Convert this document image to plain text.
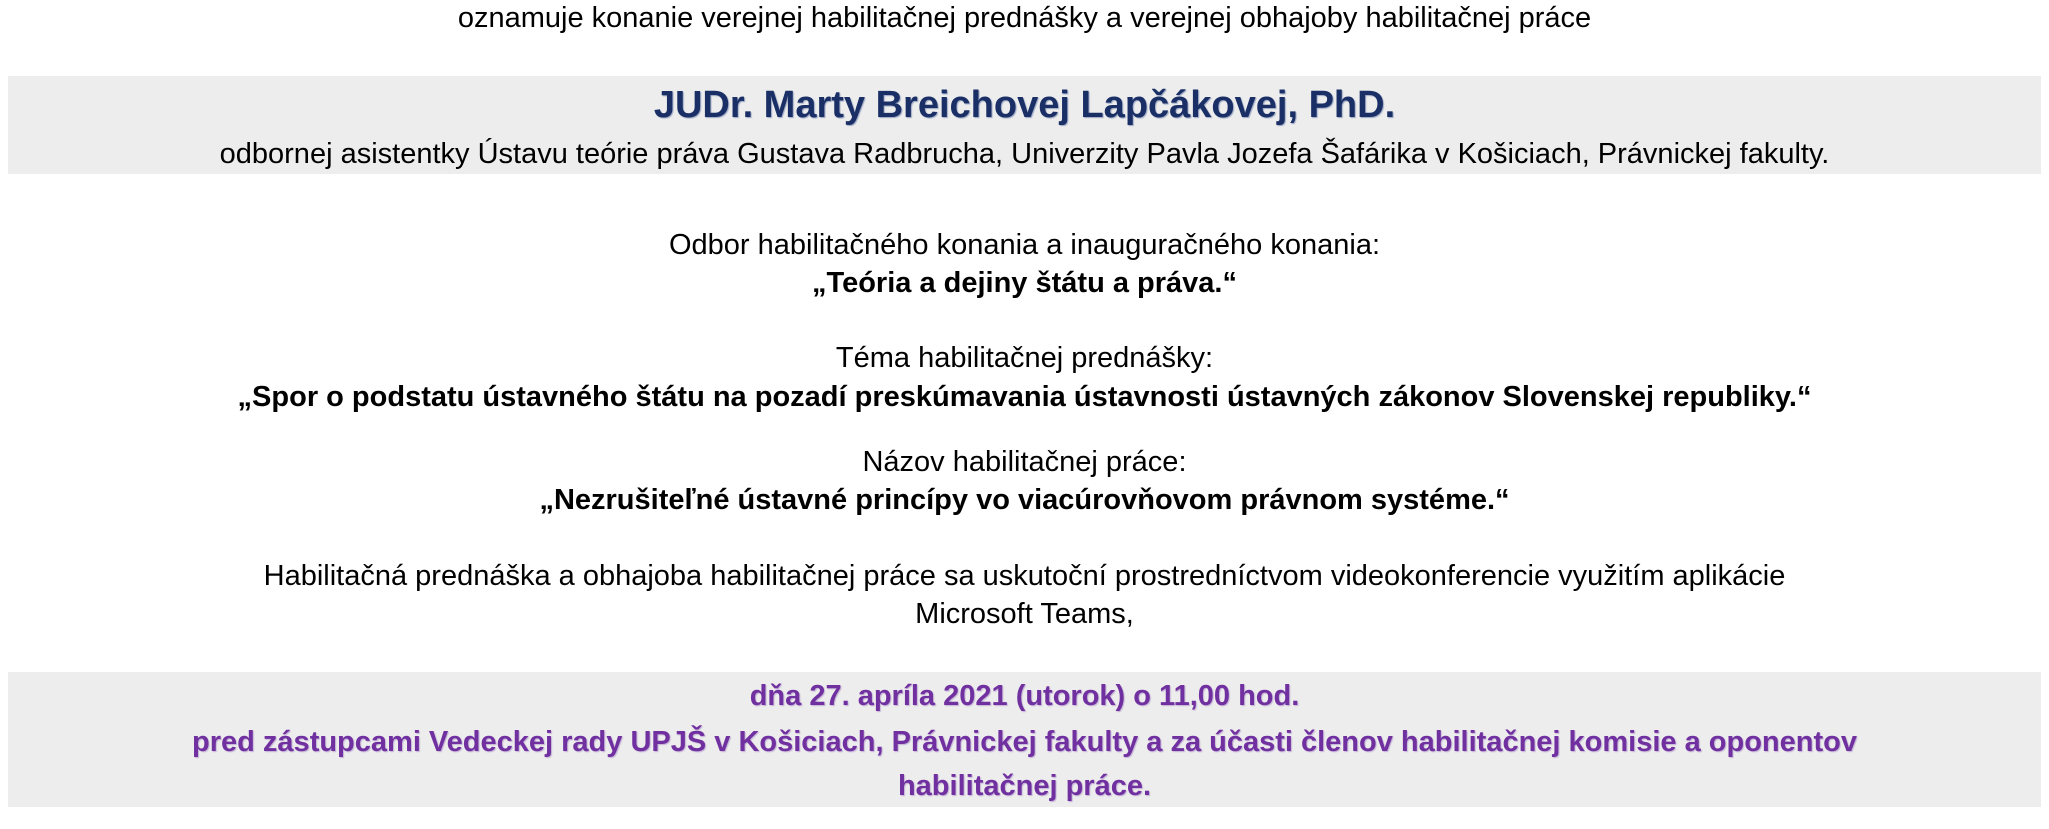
oznamuje konanie verejnej habilitačnej prednášky a verejnej obhajoby habilitačnej práce
JUDr. Marty Breichovej Lapčákovej, PhD.
odbornej asistentky Ústavu teórie práva Gustava Radbrucha, Univerzity Pavla Jozefa Šafárika v Košiciach, Právnickej fakulty.
Odbor habilitačného konania a inauguračného konania:
„Teória a dejiny štátu a práva.“
Téma habilitačnej prednášky:
„Spor o podstatu ústavného štátu na pozadí preskúmavania ústavnosti ústavných zákonov Slovenskej republiky.“
Názov habilitačnej práce:
„Nezrušiteľné ústavné princípy vo viacúrovňovom právnom systéme.“
Habilitačná prednáška a obhajoba habilitačnej práce sa uskutoční prostredníctvom videokonferencie využitím aplikácie
Microsoft Teams,
dňa 27. apríla 2021 (utorok) o 11,00 hod.
pred zástupcami Vedeckej rady UPJŠ v Košiciach, Právnickej fakulty a za účasti členov habilitačnej komisie a oponentov
habilitačnej práce.
